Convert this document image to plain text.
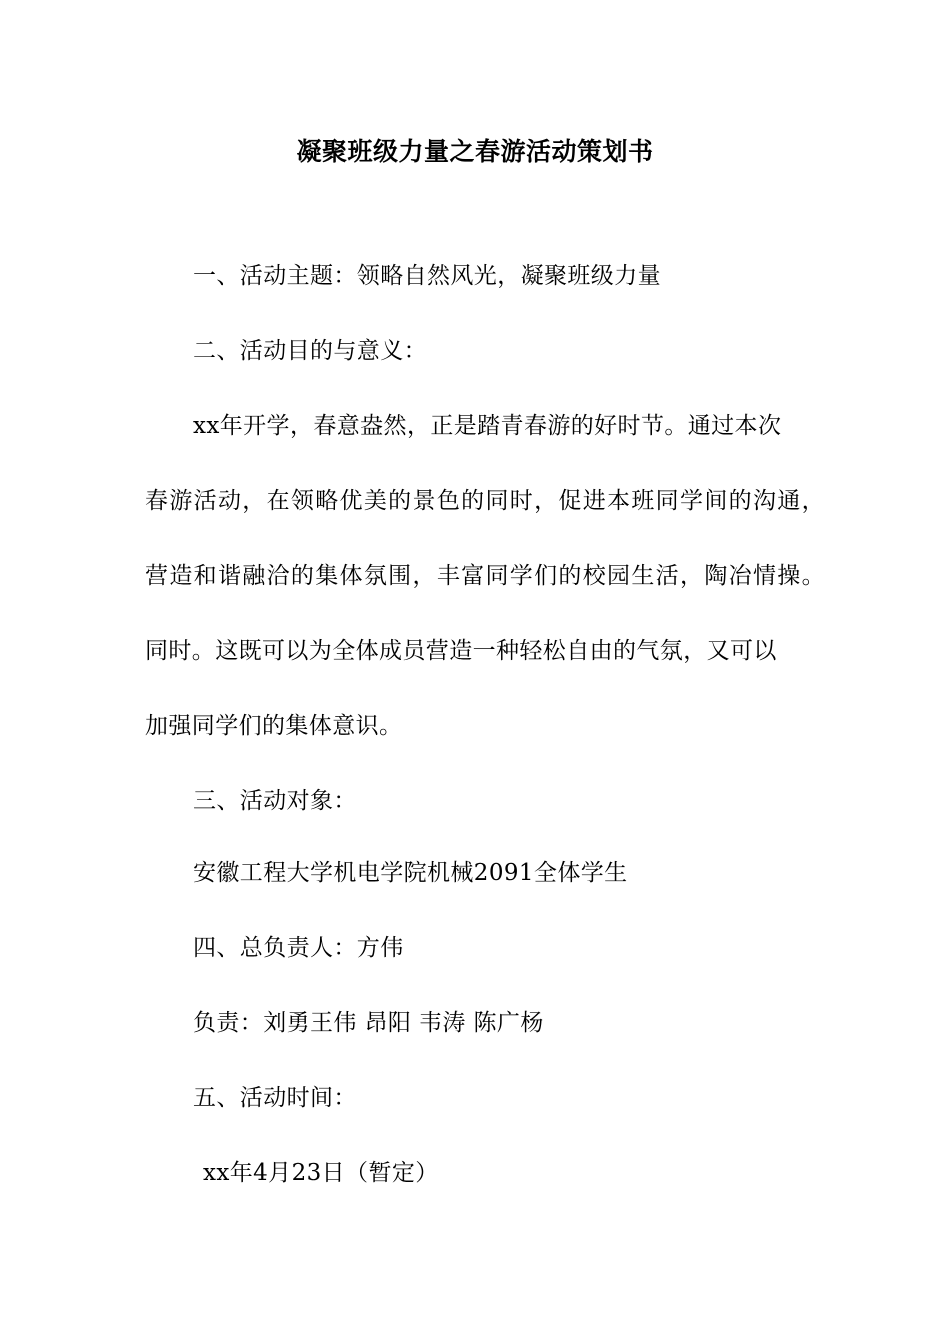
凝聚班级力量之春游活动策划书
一、活动主题：领略自然风光，凝聚班级力量
二、活动目的与意义：
xx年开学，春意盎然，正是踏青春游的好时节。通过本次
春游活动，在领略优美的景色的同时，促进本班同学间的沟通，
营造和谐融洽的集体氛围，丰富同学们的校园生活，陶冶情操。
同时。这既可以为全体成员营造一种轻松自由的气氛，又可以
加强同学们的集体意识。
三、活动对象：
安徽工程大学机电学院机械2091全体学生
四、总负责人：方伟
负责：刘勇王伟 昂阳 韦涛 陈广杨
五、活动时间：
xx年4月23日（暂定）
